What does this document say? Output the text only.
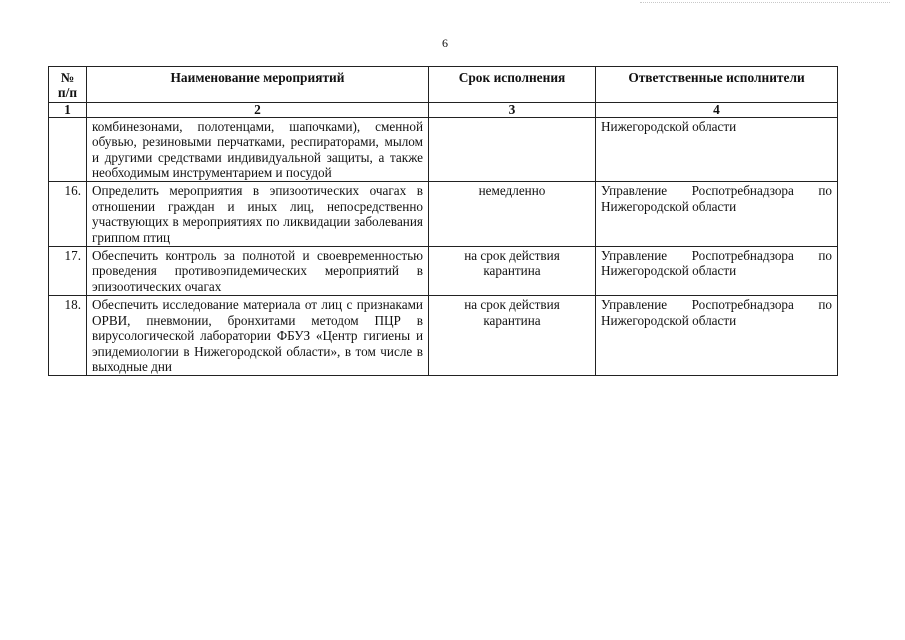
6
№ п/п	Наименование мероприятий	Срок исполнения	Ответственные исполнители
1	2	3	4
	комбинезонами, полотенцами, шапочками), сменной обувью, резиновыми перчатками, респираторами, мылом и другими средствами индивидуальной защиты, а также необходимым инструментарием и посудой		Нижегородской области
16.	Определить мероприятия в эпизоотических очагах в отношении граждан и иных лиц, непосредственно участвующих в мероприятиях по ликвидации заболевания гриппом птиц	немедленно	Управление Роспотребнадзора по Нижегородской области
17.	Обеспечить контроль за полнотой и своевременностью проведения противоэпидемических мероприятий в эпизоотических очагах	на срок действия карантина	Управление Роспотребнадзора по Нижегородской области
18.	Обеспечить исследование материала от лиц с признаками ОРВИ, пневмонии, бронхитами методом ПЦР в вирусологической лаборатории ФБУЗ «Центр гигиены и эпидемиологии в Нижегородской области», в том числе в выходные дни	на срок действия карантина	Управление Роспотребнадзора по Нижегородской области
